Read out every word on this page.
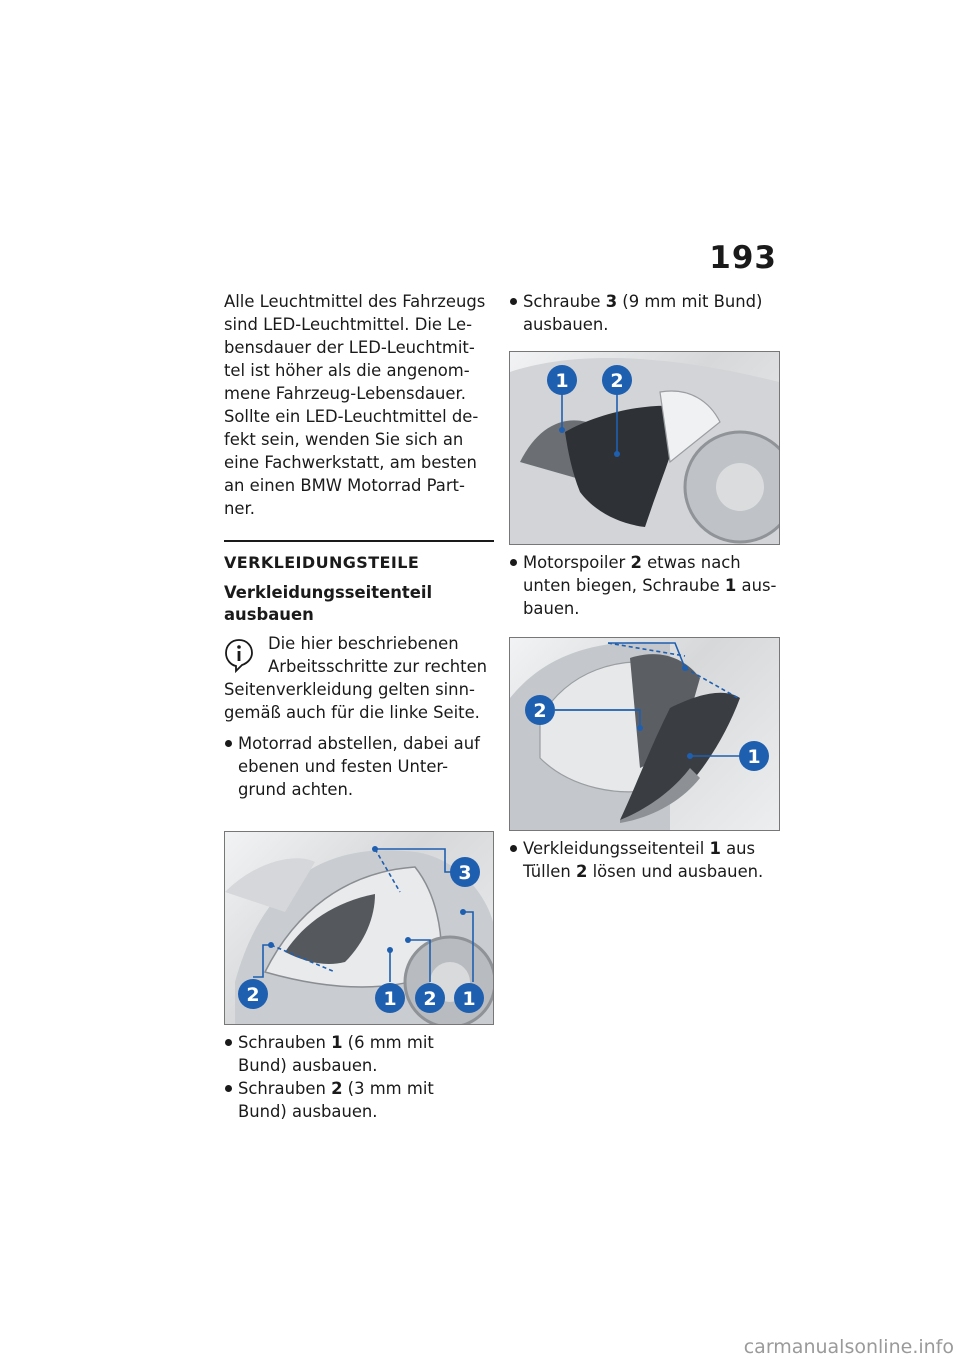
193

Alle Leuchtmittel des Fahrzeugs

sind LED-Leuchtmittel. Die Le-

bensdauer der LED-Leuchtmit-

tel ist höher als die angenom-

mene Fahrzeug-Lebensdauer.

Sollte ein LED-Leuchtmittel de-

fekt sein, wenden Sie sich an

eine Fachwerkstatt, am besten

an einen BMW Motorrad Part-

ner.

VERKLEIDUNGSTEILE

Verkleidungsseitenteil

ausbauen

Die hier beschriebenen

Arbeitsschritte zur rechten

Seitenverkleidung gelten sinn-

gemäß auch für die linke Seite.

Motorrad abstellen, dabei auf
ebenen und festen Unter-
grund achten.
3
2	1 2 1
Schrauben 1 (6 mm mit
Bund) ausbauen.
Schrauben 2 (3 mm mit
Bund) ausbauen.
Schraube 3 (9 mm mit Bund)
ausbauen.
1 2
Motorspoiler 2 etwas nach
unten biegen, Schraube 1 aus-
bauen.
2
1
Verkleidungsseitenteil 1 aus
Tüllen 2 lösen und ausbauen.
carmanualsonline.info
